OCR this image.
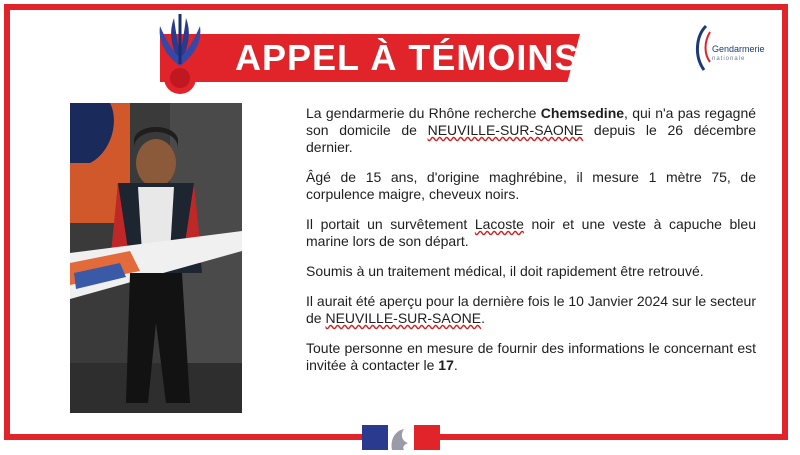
APPEL À TÉMOINS	Gendarmerie
nationale

La gendarmerie du Rhône recherche Chemsedine, qui n'a pas regagné son domicile de NEUVILLE-SUR-SAONE depuis le 26 décembre dernier.

Âgé de 15 ans, d'origine maghrébine, il mesure 1 mètre 75, de corpulence maigre, cheveux noirs.

Il portait un survêtement Lacoste noir et une veste à capuche bleu marine lors de son départ.

Soumis à un traitement médical, il doit rapidement être retrouvé.

Il aurait été aperçu pour la dernière fois le 10 Janvier 2024 sur le secteur de NEUVILLE-SUR-SAONE.

Toute personne en mesure de fournir des informations le concernant est invitée à contacter le 17.
